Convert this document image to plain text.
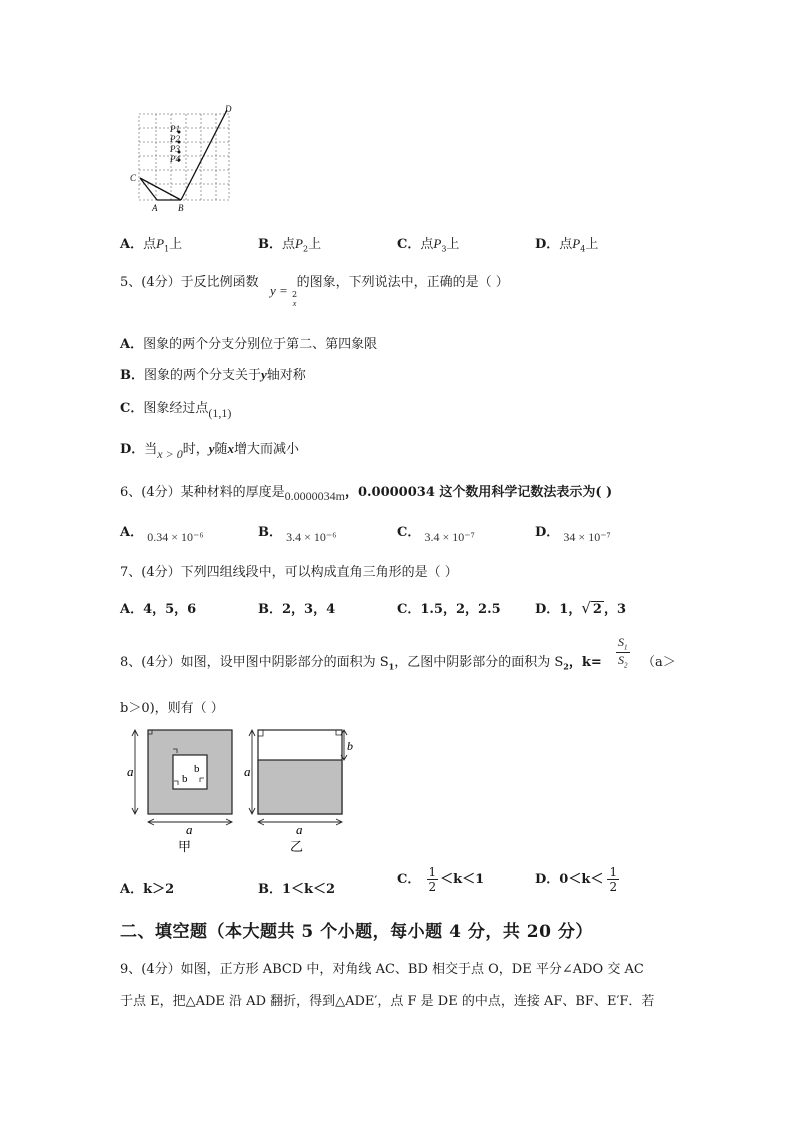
P1
P2
P3
P4
D
C
A B
A．点$P_1$上	B．点$P_2$上	C．点$P_3$上	D．点$P_4$上
5、(4分）于反比例函数	的图象，下列说法中，正确的是（ ）
y = 2
x
A．图象的两个分支分别位于第二、第四象限
B．图象的两个分支关于y轴对称
C．图象经过点(1,1)
D．当x > 0时，y随x增大而减小
6、(4分）某种材料的厚度是0.0000034m，0.0000034 这个数用科学记数法表示为( )
A． 0.34 × 10⁻⁶	B． 3.4 × 10⁻⁶	C． 3.4 × 10⁻⁷	D． 34 × 10⁻⁷
7、(4分）下列四组线段中，可以构成直角三角形的是（ ）
A．4，5，6	B．2，3，4	C．1.5，2，2.5	D．1，√ 2 ，3
8、(4分）如图，设甲图中阴影部分的面积为 $S_1$，乙图中阴影部分的面积为 $S_2$，$k= \frac{S_1}{S_2} (a>$
b＞0)，则有（ ）
a
a
b
b
甲
a
a
b
乙
A．k＞2	B．1＜k＜2
C． $\frac{1}{2} <k<1$	D．$0<k< \frac{1}{2}$
二、填空题（本大题共 5 个小题，每小题 4 分，共 20 分）
9、(4分）如图，正方形 ABCD 中，对角线 AC、BD 相交于点 O，DE 平分∠ADO 交 AC
于点 E，把△ADE 沿 AD 翻折，得到△ADE′，点 F 是 DE 的中点，连接 AF、BF、E′F．若
